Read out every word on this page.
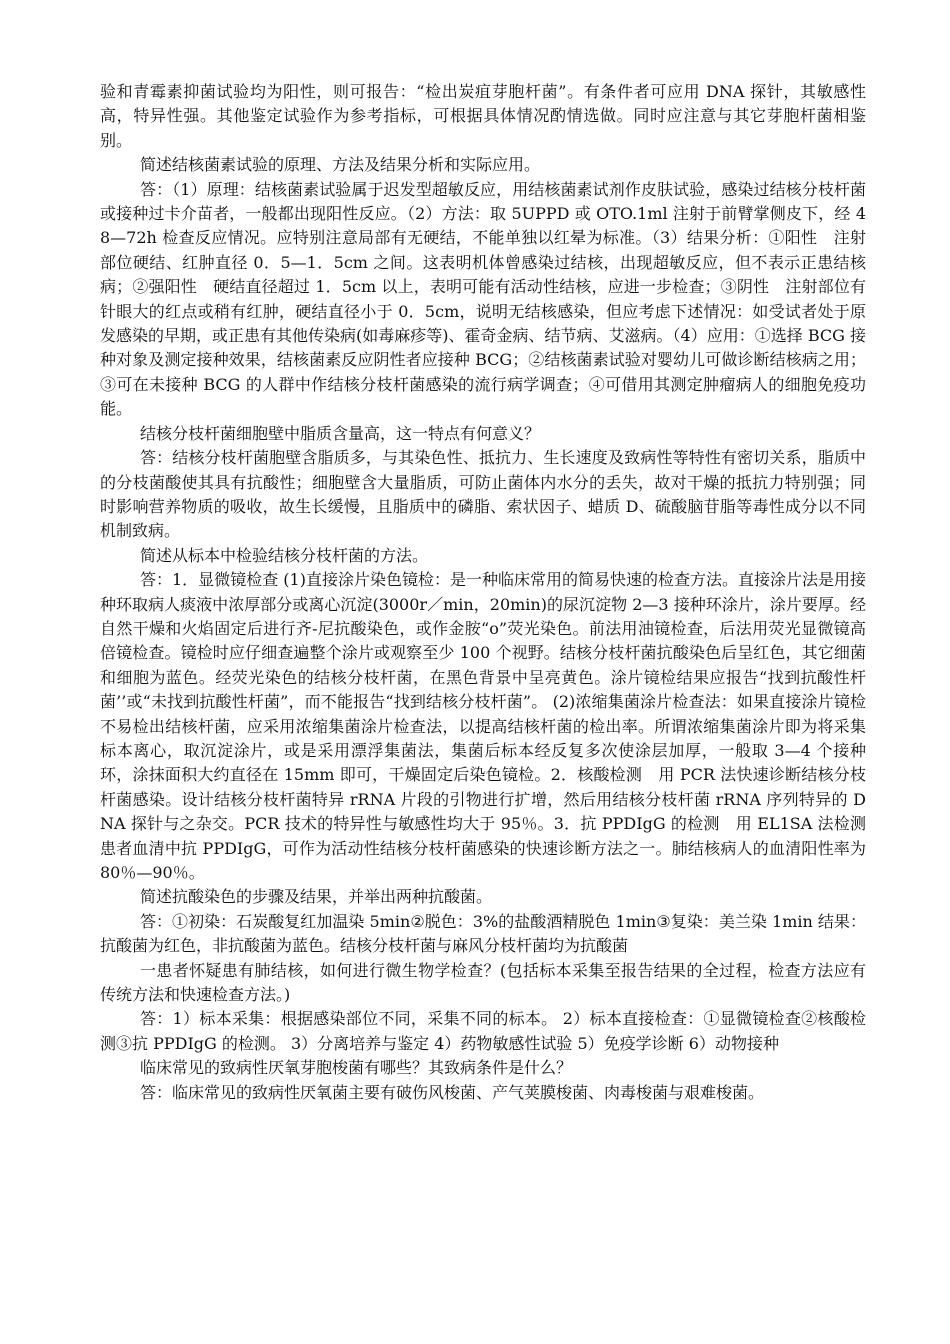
验和青霉素抑菌试验均为阳性，则可报告：“检出炭疽芽胞杆菌”。有条件者可应用 DNA 探针，其敏感性高，特异性强。其他鉴定试验作为参考指标，可根据具体情况酌情选做。同时应注意与其它芽胞杆菌相鉴别。

简述结核菌素试验的原理、方法及结果分析和实际应用。

答：（1）原理：结核菌素试验属于迟发型超敏反应，用结核菌素试剂作皮肤试验，感染过结核分枝杆菌或接种过卡介苗者，一般都出现阳性反应。（2）方法：取 5UPPD 或 OTO.1ml 注射于前臂掌侧皮下，经 48—72h 检查反应情况。应特别注意局部有无硬结，不能单独以红晕为标准。（3）结果分析：①阳性　注射部位硬结、红肿直径 0．5—1．5cm 之间。这表明机体曾感染过结核，出现超敏反应，但不表示正患结核病；②强阳性　硬结直径超过 1．5cm 以上，表明可能有活动性结核，应进一步检查；③阴性　注射部位有针眼大的红点或稍有红肿，硬结直径小于 0．5cm，说明无结核感染，但应考虑下述情况：如受试者处于原发感染的早期，或正患有其他传染病(如毒麻疹等)、霍奇金病、结节病、艾滋病。（4）应用：①选择 BCG 接种对象及测定接种效果，结核菌素反应阴性者应接种 BCG；②结核菌素试验对婴幼儿可做诊断结核病之用；③可在未接种 BCG 的人群中作结核分枝杆菌感染的流行病学调查；④可借用其测定肿瘤病人的细胞免疫功能。

结核分枝杆菌细胞壁中脂质含量高，这一特点有何意义？

答：结核分枝杆菌胞壁含脂质多，与其染色性、抵抗力、生长速度及致病性等特性有密切关系，脂质中的分枝菌酸使其具有抗酸性；细胞壁含大量脂质，可防止菌体内水分的丢失，故对干燥的抵抗力特别强；同时影响营养物质的吸收，故生长缓慢，且脂质中的磷脂、索状因子、蜡质 D、硫酸脑苷脂等毒性成分以不同机制致病。

简述从标本中检验结核分枝杆菌的方法。

答：1．显微镜检查 (1)直接涂片染色镜检：是一种临床常用的简易快速的检查方法。直接涂片法是用接种环取病人痰液中浓厚部分或离心沉淀(3000r／min，20min)的尿沉淀物 2—3 接种环涂片，涂片要厚。经自然干燥和火焰固定后进行齐-尼抗酸染色，或作金胺“o”荧光染色。前法用油镜检查，后法用荧光显微镜高倍镜检查。镜检时应仔细查遍整个涂片或观察至少 100 个视野。结核分枝杆菌抗酸染色后呈红色，其它细菌和细胞为蓝色。经荧光染色的结核分枝杆菌，在黑色背景中呈亮黄色。涂片镜检结果应报告“找到抗酸性杆菌’’或“未找到抗酸性杆菌”，而不能报告“找到结核分枝杆菌”。 (2)浓缩集菌涂片检查法：如果直接涂片镜检不易检出结核杆菌，应采用浓缩集菌涂片检查法，以提高结核杆菌的检出率。所谓浓缩集菌涂片即为将采集标本离心，取沉淀涂片，或是采用漂浮集菌法，集菌后标本经反复多次使涂层加厚，一般取 3—4 个接种环，涂抹面积大约直径在 15mm 即可，干燥固定后染色镜检。2．核酸检测　用 PCR 法快速诊断结核分枝杆菌感染。设计结核分枝杆菌特异 rRNA 片段的引物进行扩增，然后用结核分枝杆菌 rRNA 序列特异的 DNA 探针与之杂交。PCR 技术的特异性与敏感性均大于 95％。3．抗 PPDIgG 的检测　用 EL1SA 法检测患者血清中抗 PPDIgG，可作为活动性结核分枝杆菌感染的快速诊断方法之一。肺结核病人的血清阳性率为 80％—90％。

简述抗酸染色的步骤及结果，并举出两种抗酸菌。

答：①初染：石炭酸复红加温染 5min②脱色：3%的盐酸酒精脱色 1min③复染：美兰染 1min 结果：抗酸菌为红色，非抗酸菌为蓝色。结核分枝杆菌与麻风分枝杆菌均为抗酸菌

一患者怀疑患有肺结核，如何进行微生物学检查？(包括标本采集至报告结果的全过程，检查方法应有传统方法和快速检查方法。)

答：1）标本采集：根据感染部位不同，采集不同的标本。 2）标本直接检查：①显微镜检查②核酸检测③抗 PPDIgG 的检测。 3）分离培养与鉴定 4）药物敏感性试验 5）免疫学诊断 6）动物接种

临床常见的致病性厌氧芽胞梭菌有哪些？其致病条件是什么？

答：临床常见的致病性厌氧菌主要有破伤风梭菌、产气荚膜梭菌、肉毒梭菌与艰难梭菌。
